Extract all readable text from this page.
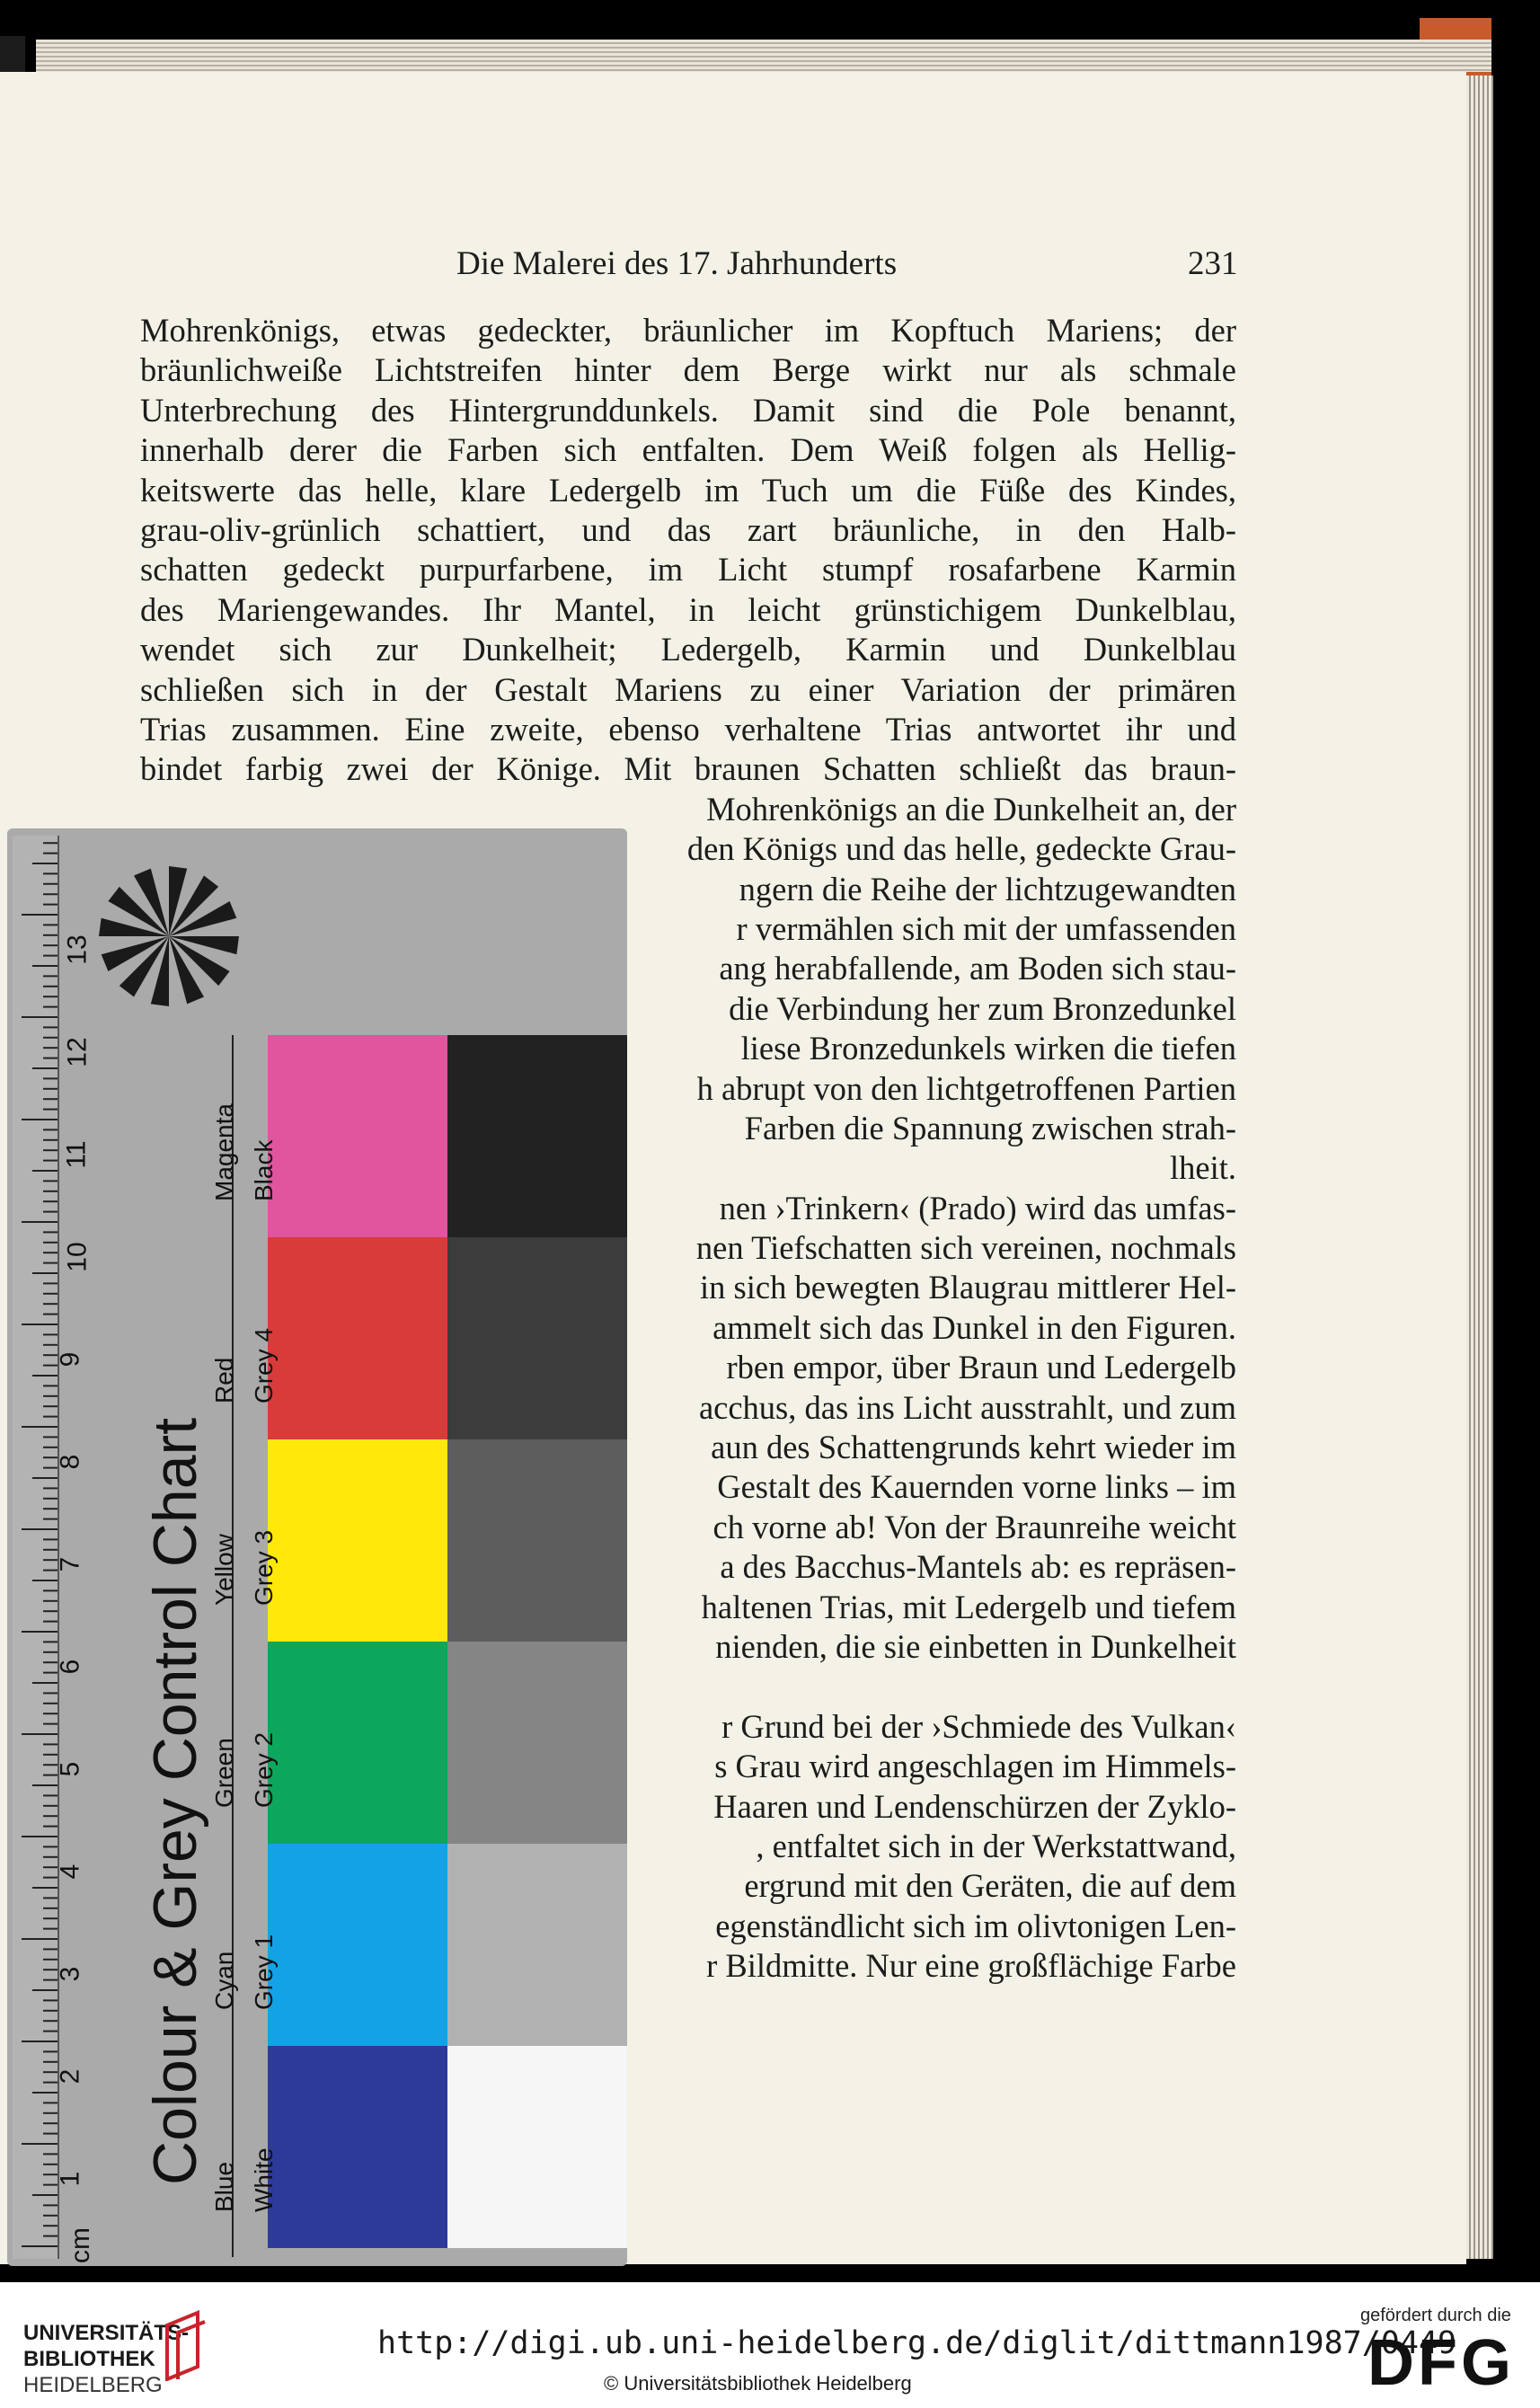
Die Malerei des 17. Jahrhunderts	231
Mohrenkönigs, etwas gedeckter, bräunlicher im Kopftuch Mariens; der
bräunlichweiße Lichtstreifen hinter dem Berge wirkt nur als schmale
Unterbrechung des Hintergrunddunkels. Damit sind die Pole benannt,
innerhalb derer die Farben sich entfalten. Dem Weiß folgen als Hellig-
keitswerte das helle, klare Ledergelb im Tuch um die Füße des Kindes,
grau-oliv-grünlich schattiert, und das zart bräunliche, in den Halb-
schatten gedeckt purpurfarbene, im Licht stumpf rosafarbene Karmin
des Mariengewandes. Ihr Mantel, in leicht grünstichigem Dunkelblau,
wendet sich zur Dunkelheit; Ledergelb, Karmin und Dunkelblau
schließen sich in der Gestalt Mariens zu einer Variation der primären
Trias zusammen. Eine zweite, ebenso verhaltene Trias antwortet ihr und
bindet farbig zwei der Könige. Mit braunen Schatten schließt das braun-
Mohrenkönigs an die Dunkelheit an, der
den Königs und das helle, gedeckte Grau-
ngern die Reihe der lichtzugewandten
r vermählen sich mit der umfassenden
ang herabfallende, am Boden sich stau-
die Verbindung her zum Bronzedunkel
liese Bronzedunkels wirken die tiefen
h abrupt von den lichtgetroffenen Partien
Farben die Spannung zwischen strah-
lheit.
nen ›Trinkern‹ (Prado) wird das umfas-
nen Tiefschatten sich vereinen, nochmals
in sich bewegten Blaugrau mittlerer Hel-
ammelt sich das Dunkel in den Figuren.
rben empor, über Braun und Ledergelb
acchus, das ins Licht ausstrahlt, und zum
aun des Schattengrunds kehrt wieder im
Gestalt des Kauernden vorne links – im
ch vorne ab! Von der Braunreihe weicht
a des Bacchus-Mantels ab: es repräsen-
haltenen Trias, mit Ledergelb und tiefem
nienden, die sie einbetten in Dunkelheit
r Grund bei der ›Schmiede des Vulkan‹
s Grau wird angeschlagen im Himmels-
Haaren und Lendenschürzen der Zyklo-
, entfaltet sich in der Werkstattwand,
ergrund mit den Geräten, die auf dem
egenständlicht sich im olivtonigen Len-
r Bildmitte. Nur eine großflächige Farbe
cm
1
2
3
4
5
6
7
8
9
10
11
12
13
Colour & Grey Control Chart
Magenta Black
Red Grey 4
Yellow Grey 3
Green Grey 2
Cyan Grey 1
Blue White
UNIVERSITÄTS-
BIBLIOTHEK
HEIDELBERG
http://digi.ub.uni-heidelberg.de/diglit/dittmann1987/0449
© Universitätsbibliothek Heidelberg
gefördert durch die
DFG
